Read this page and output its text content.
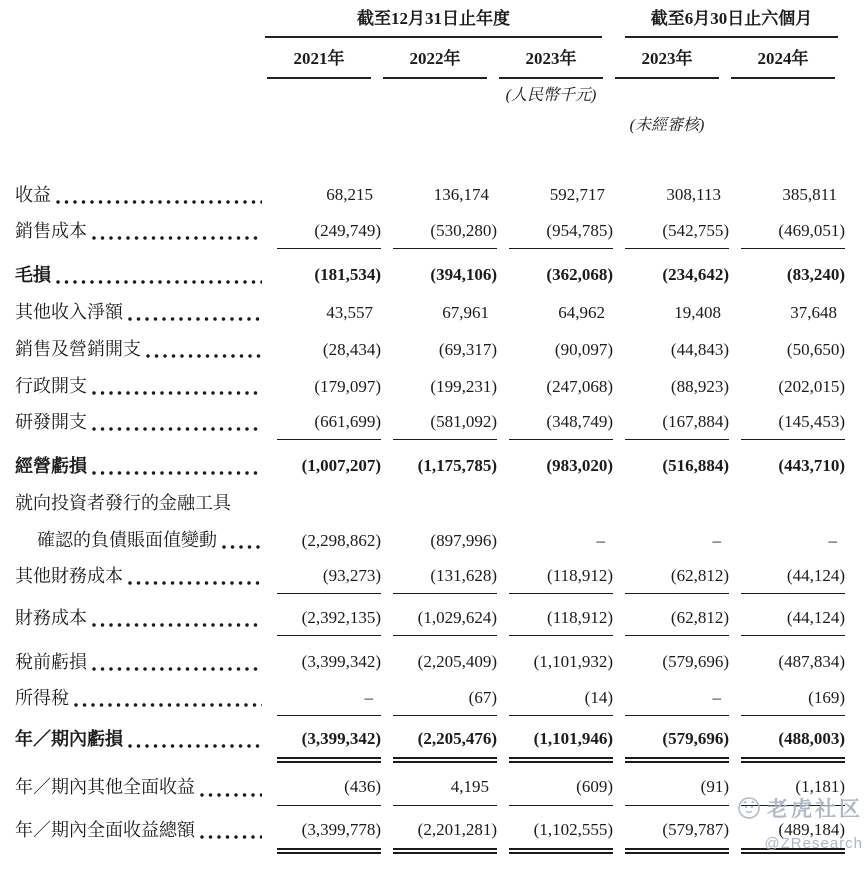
截至12月31日止年度	截至6月30日止六個月
2021年	2022年	2023年	2023年	2024年
(人民幣千元)
(未經審核)
收益	68,215	136,174	592,717	308,113	385,811
銷售成本	(249,749)	(530,280)	(954,785)	(542,755)	(469,051)
毛損	(181,534)	(394,106)	(362,068)	(234,642)	(83,240)
其他收入淨額	43,557	67,961	64,962	19,408	37,648
銷售及營銷開支	(28,434)	(69,317)	(90,097)	(44,843)	(50,650)
行政開支	(179,097)	(199,231)	(247,068)	(88,923)	(202,015)
研發開支	(661,699)	(581,092)	(348,749)	(167,884)	(145,453)
經營虧損	(1,007,207)	(1,175,785)	(983,020)	(516,884)	(443,710)
就向投資者發行的金融工具
確認的負債賬面值變動	(2,298,862)	(897,996)	–	–	–
其他財務成本	(93,273)	(131,628)	(118,912)	(62,812)	(44,124)
財務成本	(2,392,135)	(1,029,624)	(118,912)	(62,812)	(44,124)
稅前虧損	(3,399,342)	(2,205,409)	(1,101,932)	(579,696)	(487,834)
所得稅	–	(67)	(14)	–	(169)
年／期內虧損	(3,399,342)	(2,205,476)	(1,101,946)	(579,696)	(488,003)
年／期內其他全面收益	(436)	4,195	(609)	(91)	(1,181)
年／期內全面收益總額	(3,399,778)	(2,201,281)	(1,102,555)	(579,787)	(489,184)
老虎社区
@ZResearch
